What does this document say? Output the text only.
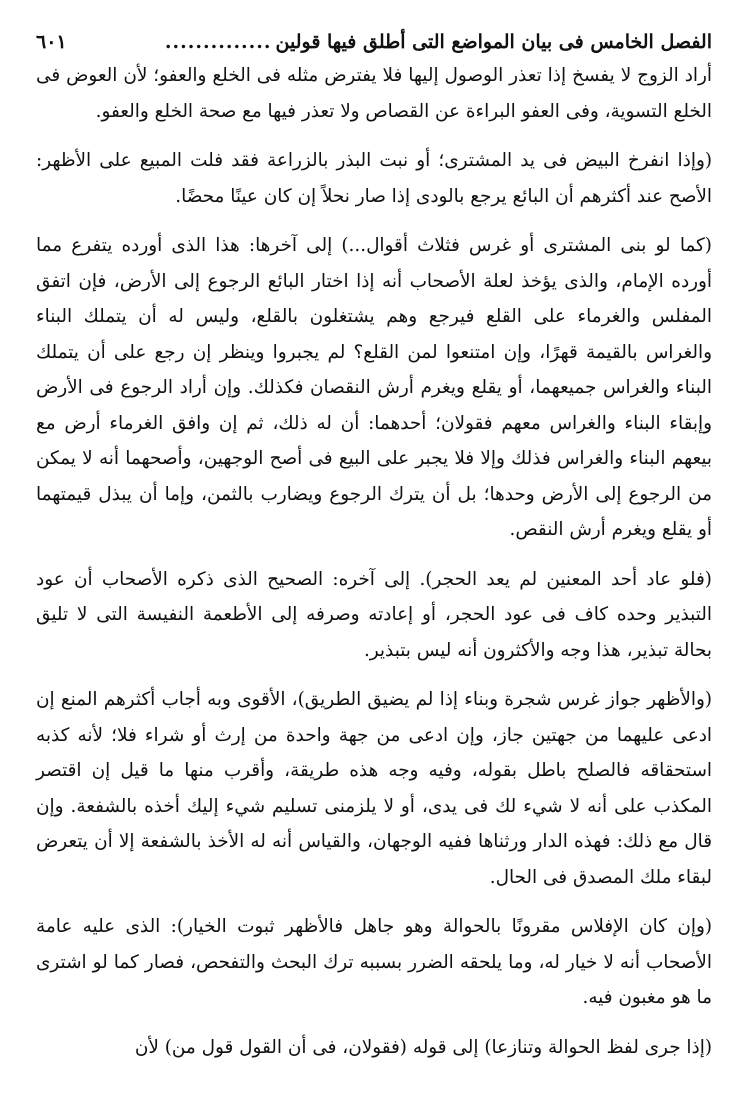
الفصل الخامس فى بيان المواضع التى أطلق فيها قولين
..............
٦٠١

أراد الزوج لا يفسخ إذا تعذر الوصول إليها فلا يفترض مثله فى الخلع والعفو؛ لأن العوض فى الخلع التسوية، وفى العفو البراءة عن القصاص ولا تعذر فيها مع صحة الخلع والعفو.

(وإذا انفرخ البيض فى يد المشترى؛ أو نبت البذر بالزراعة فقد فلت المبيع على الأظهر: الأصح عند أكثرهم أن البائع يرجع بالودى إذا صار نحلاً إن كان عينًا محضًا.

(كما لو بنى المشترى أو غرس فثلاث أقوال...) إلى آخرها: هذا الذى أورده يتفرع مما أورده الإمام، والذى يؤخذ لعلة الأصحاب أنه إذا اختار البائع الرجوع إلى الأرض، فإن اتفق المفلس والغرماء على القلع فيرجع وهم يشتغلون بالقلع، وليس له أن يتملك البناء والغراس بالقيمة قهرًا، وإن امتنعوا لمن القلع؟ لم يجبروا وينظر إن رجع على أن يتملك البناء والغراس جميعهما، أو يقلع ويغرم أرش النقصان فكذلك. وإن أراد الرجوع فى الأرض وإبقاء البناء والغراس معهم فقولان؛ أحدهما: أن له ذلك، ثم إن وافق الغرماء أرض مع بيعهم البناء والغراس فذلك وإلا فلا يجبر على البيع فى أصح الوجهين، وأصحهما أنه لا يمكن من الرجوع إلى الأرض وحدها؛ بل أن يترك الرجوع ويضارب بالثمن، وإما أن يبذل قيمتهما أو يقلع ويغرم أرش النقص.

(فلو عاد أحد المعنين لم يعد الحجر). إلى آخره: الصحيح الذى ذكره الأصحاب أن عود التبذير وحده كاف فى عود الحجر، أو إعادته وصرفه إلى الأطعمة النفيسة التى لا تليق بحالة تبذير، هذا وجه والأكثرون أنه ليس بتبذير.

(والأظهر جواز غرس شجرة وبناء إذا لم يضيق الطريق)، الأقوى وبه أجاب أكثرهم المنع إن ادعى عليهما من جهتين جاز، وإن ادعى من جهة واحدة من إرث أو شراء فلا؛ لأنه كذبه استحقاقه فالصلح باطل بقوله، وفيه وجه هذه طريقة، وأقرب منها ما قيل إن اقتصر المكذب على أنه لا شيء لك فى يدى، أو لا يلزمنى تسليم شيء إليك أخذه بالشفعة. وإن قال مع ذلك: فهذه الدار ورثناها ففيه الوجهان، والقياس أنه له الأخذ بالشفعة إلا أن يتعرض لبقاء ملك المصدق فى الحال.

(وإن كان الإفلاس مقرونًا بالحوالة وهو جاهل فالأظهر ثبوت الخيار): الذى عليه عامة الأصحاب أنه لا خيار له، وما يلحقه الضرر بسببه ترك البحث والتفحص، فصار كما لو اشترى ما هو مغبون فيه.

(إذا جرى لفظ الحوالة وتنازعا) إلى قوله (فقولان، فى أن القول قول من) لأن
